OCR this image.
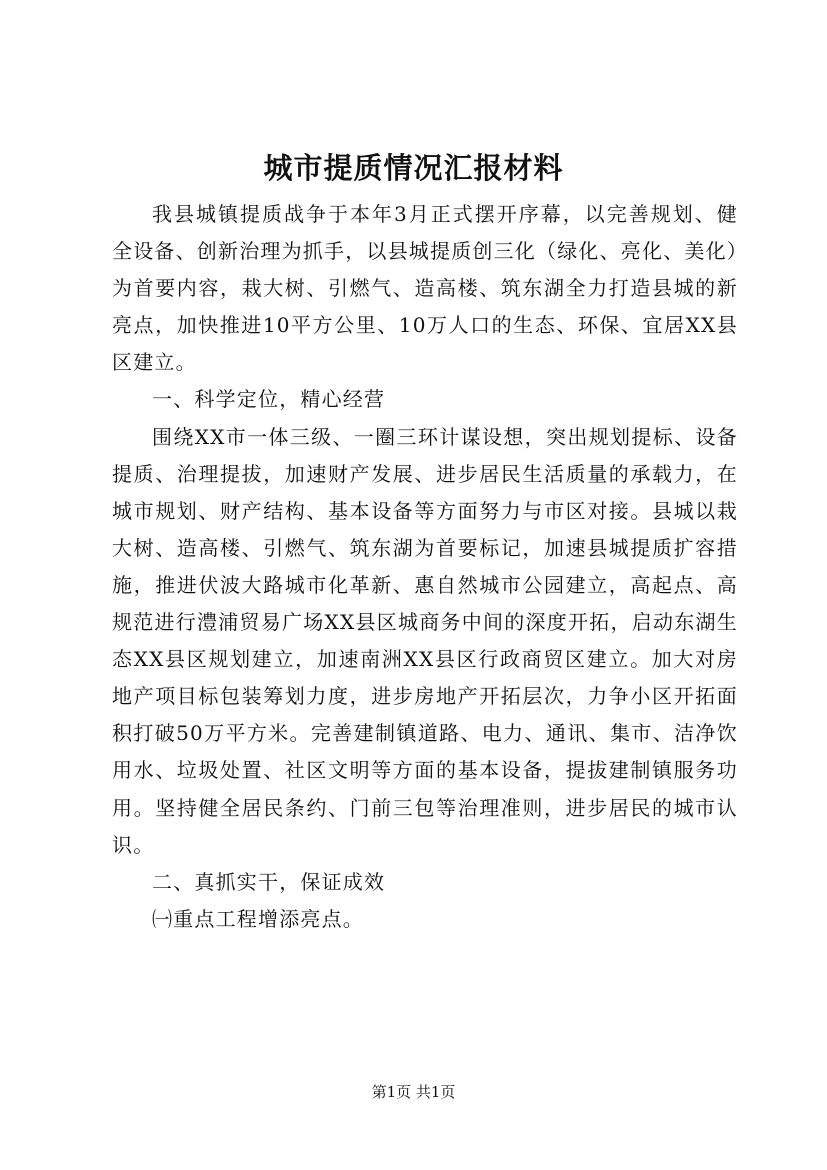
城市提质情况汇报材料

我县城镇提质战争于本年3月正式摆开序幕，以完善规划、健全设备、创新治理为抓手，以县城提质创三化（绿化、亮化、美化）为首要内容，栽大树、引燃气、造高楼、筑东湖全力打造县城的新亮点，加快推进10平方公里、10万人口的生态、环保、宜居XX县区建立。

一、科学定位，精心经营

围绕XX市一体三级、一圈三环计谋设想，突出规划提标、设备提质、治理提拔，加速财产发展、进步居民生活质量的承载力，在城市规划、财产结构、基本设备等方面努力与市区对接。县城以栽大树、造高楼、引燃气、筑东湖为首要标记，加速县城提质扩容措施，推进伏波大路城市化革新、惠自然城市公园建立，高起点、高规范进行澧浦贸易广场XX县区城商务中间的深度开拓，启动东湖生态XX县区规划建立，加速南洲XX县区行政商贸区建立。加大对房地产项目标包装筹划力度，进步房地产开拓层次，力争小区开拓面积打破50万平方米。完善建制镇道路、电力、通讯、集市、洁净饮用水、垃圾处置、社区文明等方面的基本设备，提拔建制镇服务功用。坚持健全居民条约、门前三包等治理准则，进步居民的城市认识。

二、真抓实干，保证成效

㈠重点工程增添亮点。

第1页 共1页
